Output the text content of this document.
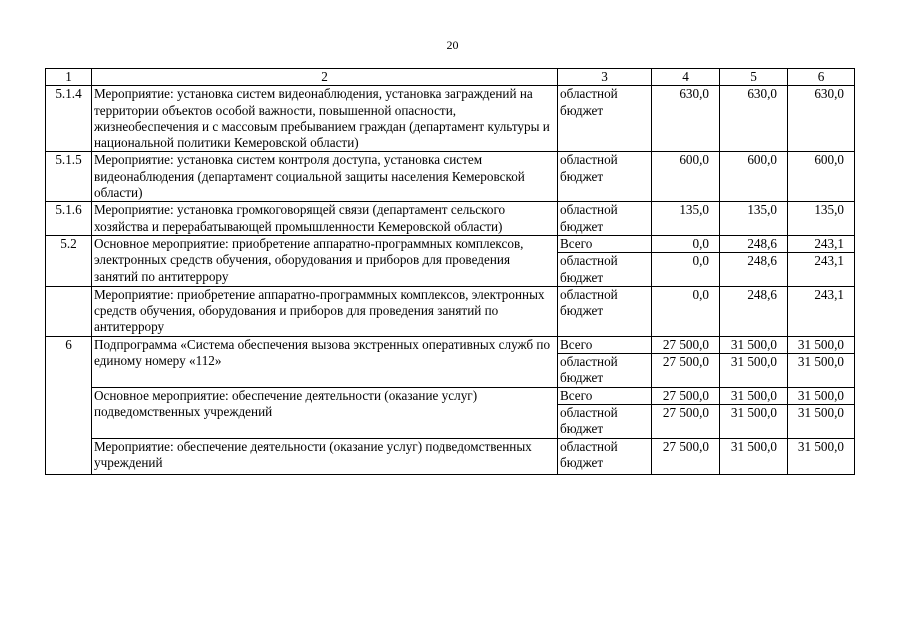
20
1	2	3	4	5	6
5.1.4	Мероприятие: установка систем видеонаблюдения, установка заграждений на территории объектов особой важности, повышенной опасности, жизнеобеспечения и с массовым пребыванием граждан (департамент культуры и национальной политики Кемеровской области)	областной бюджет	630,0	630,0	630,0
5.1.5	Мероприятие: установка систем контроля доступа, установка систем видеонаблюдения (департамент социальной защиты населения Кемеровской области)	областной бюджет	600,0	600,0	600,0
5.1.6	Мероприятие: установка громкоговорящей связи (департамент сельского хозяйства и перерабатывающей промышленности Кемеровской области)	областной бюджет	135,0	135,0	135,0
5.2	Основное мероприятие: приобретение аппаратно-программных комплексов, электронных средств обучения, оборудования и приборов для проведения занятий по антитеррору	Всего	0,0	248,6	243,1
		областной бюджет	0,0	248,6	243,1
	Мероприятие: приобретение аппаратно-программных комплексов, электронных средств обучения, оборудования и приборов для проведения занятий по антитеррору	областной бюджет	0,0	248,6	243,1
6	Подпрограмма «Система обеспечения вызова экстренных оперативных служб по единому номеру «112»	Всего	27 500,0	31 500,0	31 500,0
		областной бюджет	27 500,0	31 500,0	31 500,0
	Основное мероприятие: обеспечение деятельности (оказание услуг) подведомственных учреждений	Всего	27 500,0	31 500,0	31 500,0
		областной бюджет	27 500,0	31 500,0	31 500,0
	Мероприятие: обеспечение деятельности (оказание услуг) подведомственных учреждений	областной бюджет	27 500,0	31 500,0	31 500,0
